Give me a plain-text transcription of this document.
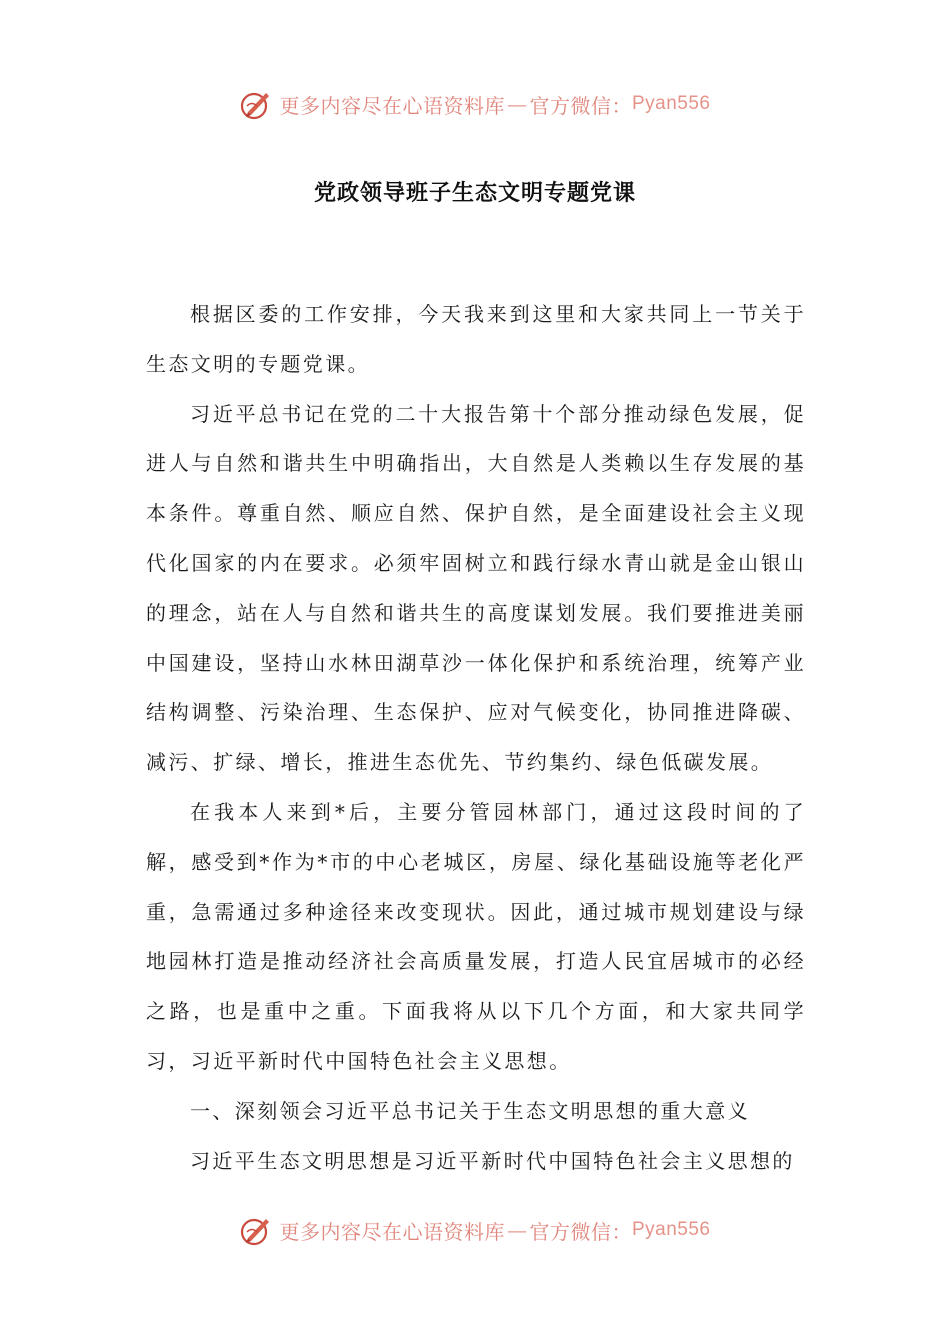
更多内容尽在心语资料库 — 官方微信： Pyan556
党政领导班子生态文明专题党课

根据区委的工作安排，今天我来到这里和大家共同上一节关于生态文明的专题党课。

习近平总书记在党的二十大报告第十个部分推动绿色发展，促进人与自然和谐共生中明确指出，大自然是人类赖以生存发展的基本条件。尊重自然、顺应自然、保护自然，是全面建设社会主义现代化国家的内在要求。必须牢固树立和践行绿水青山就是金山银山的理念，站在人与自然和谐共生的高度谋划发展。我们要推进美丽中国建设，坚持山水林田湖草沙一体化保护和系统治理，统筹产业结构调整、污染治理、生态保护、应对气候变化，协同推进降碳、减污、扩绿、增长，推进生态优先、节约集约、绿色低碳发展。

在我本人来到*后，主要分管园林部门，通过这段时间的了解，感受到*作为*市的中心老城区，房屋、绿化基础设施等老化严重，急需通过多种途径来改变现状。因此，通过城市规划建设与绿地园林打造是推动经济社会高质量发展，打造人民宜居城市的必经之路，也是重中之重。下面我将从以下几个方面，和大家共同学习，习近平新时代中国特色社会主义思想。

一、深刻领会习近平总书记关于生态文明思想的重大意义

习近平生态文明思想是习近平新时代中国特色社会主义思想的

更多内容尽在心语资料库 — 官方微信： Pyan556
